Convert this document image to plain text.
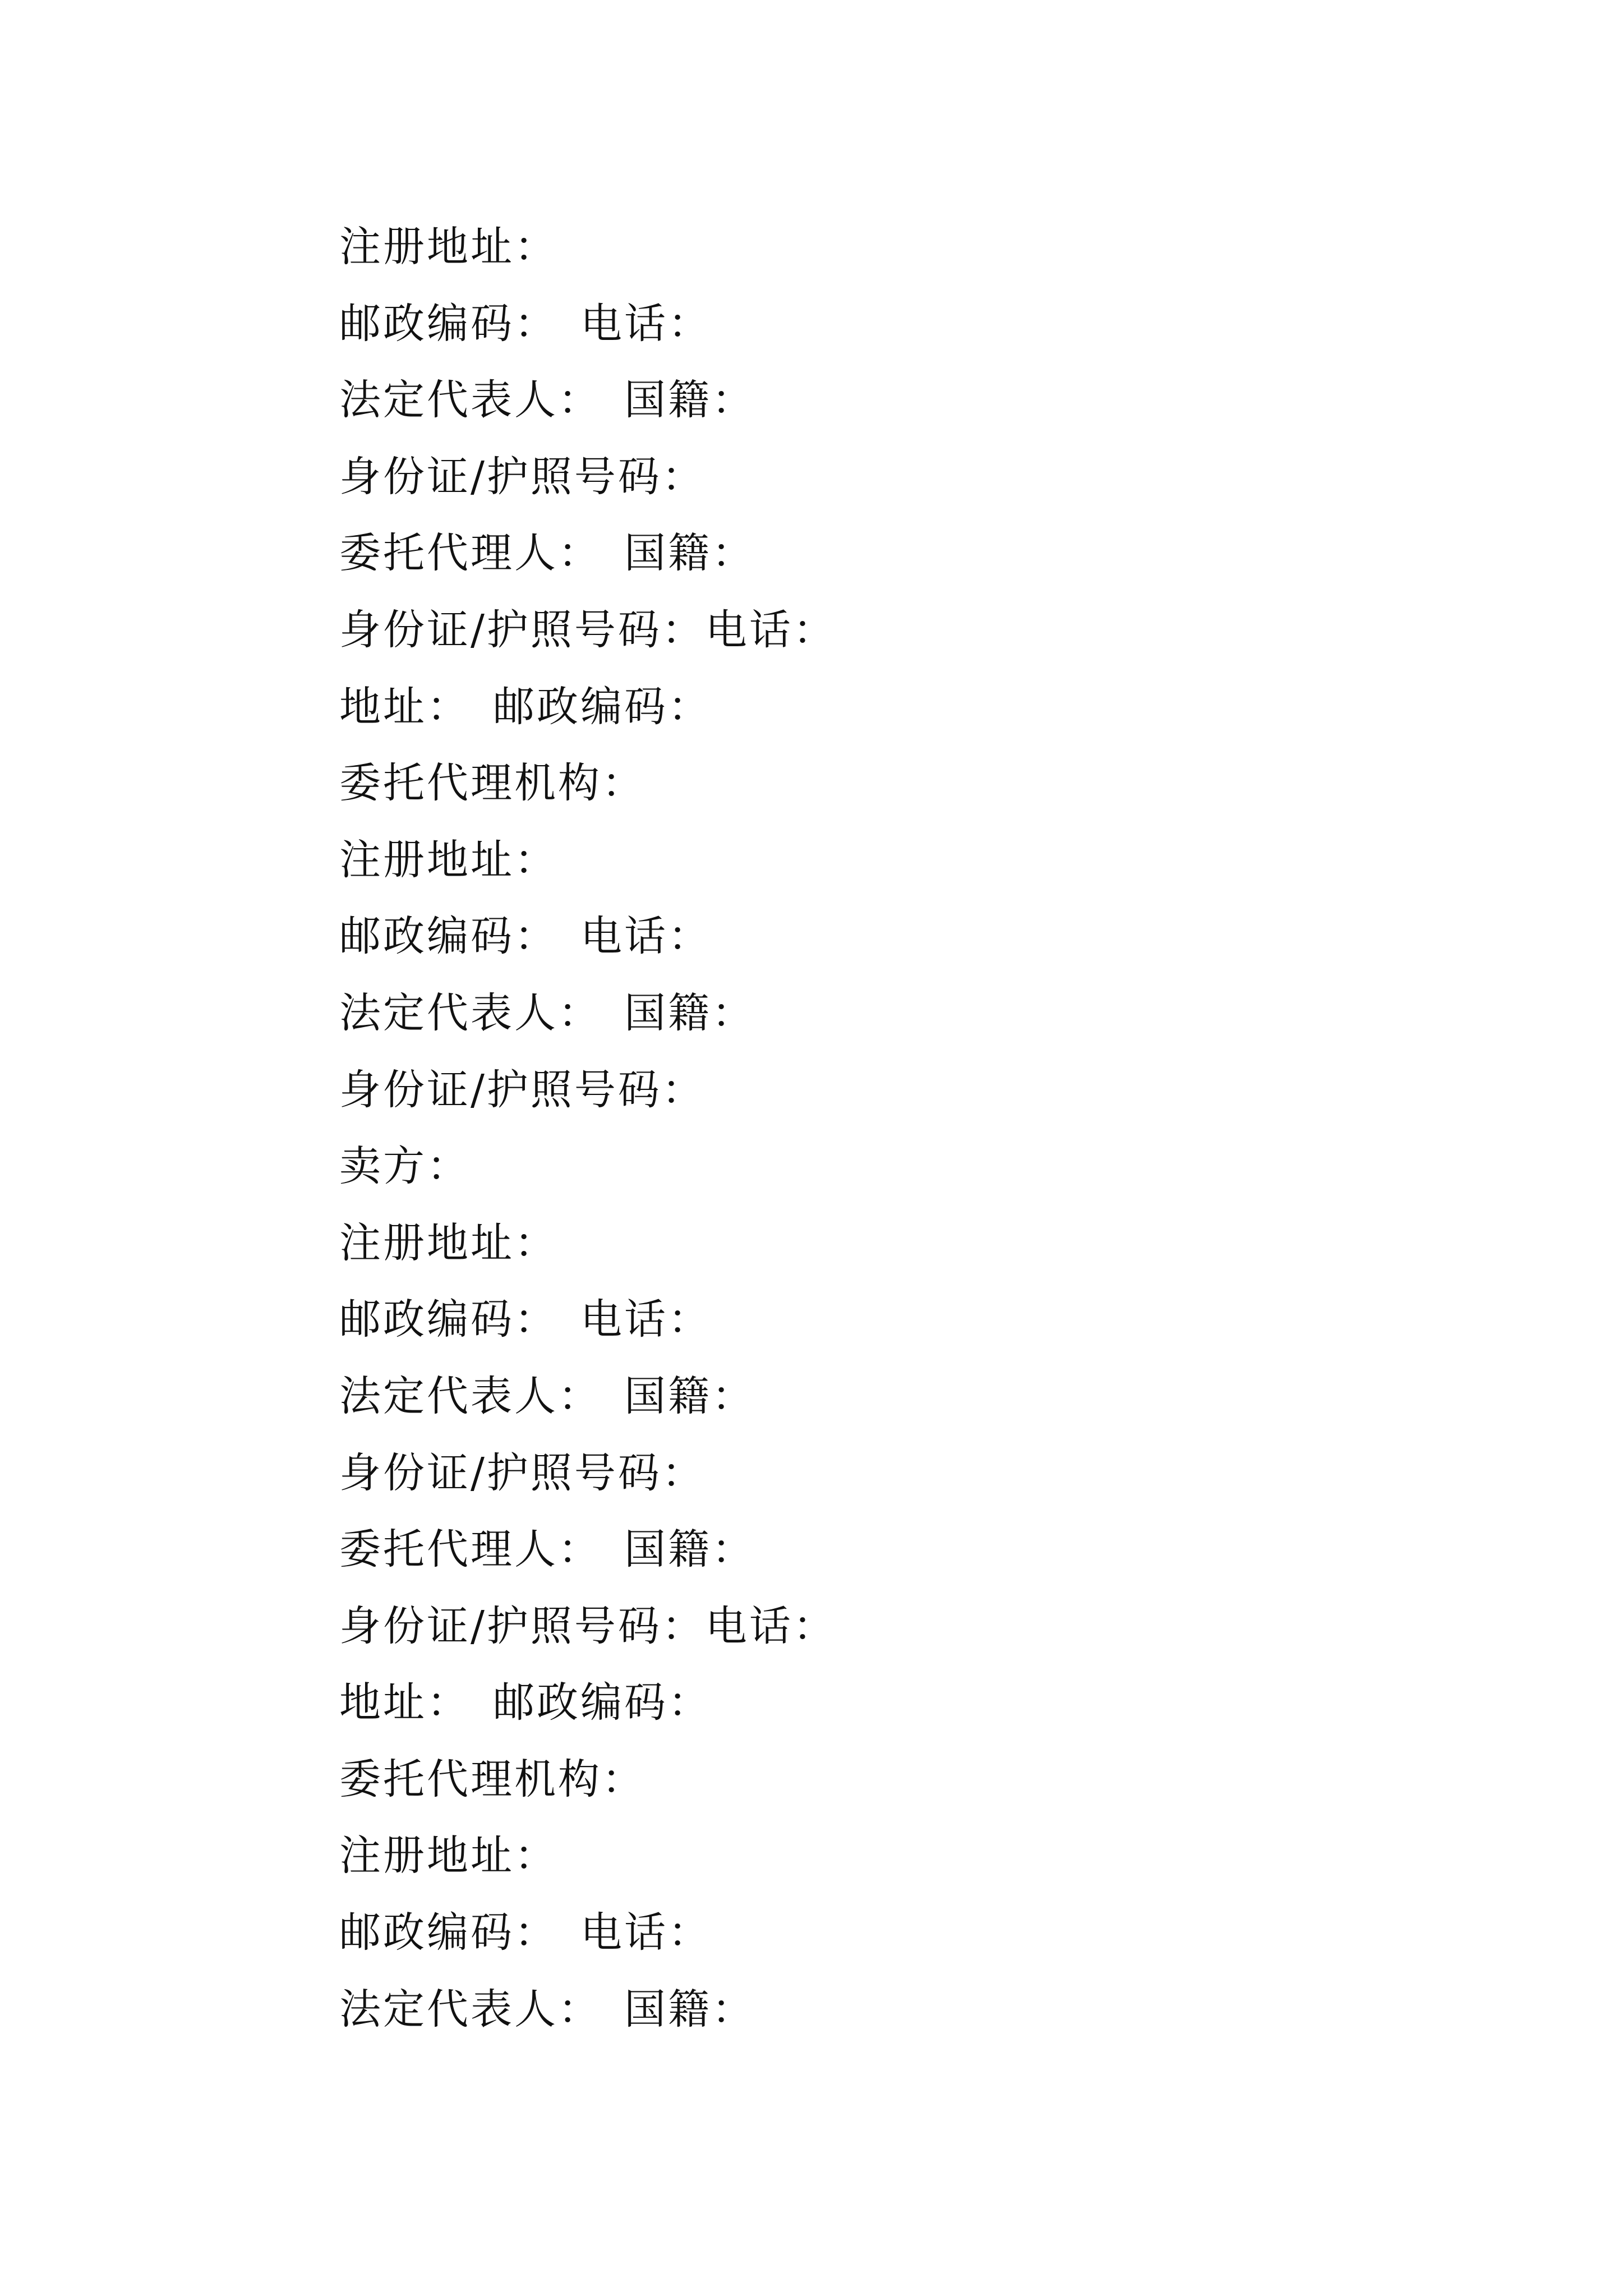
注册地址：
邮政编码： 电话：
法定代表人： 国籍：
身份证/护照号码：
委托代理人： 国籍：
身份证/护照号码：电话：
地址： 邮政编码：
委托代理机构：
注册地址：
邮政编码： 电话：
法定代表人： 国籍：
身份证/护照号码：
卖方：
注册地址：
邮政编码： 电话：
法定代表人： 国籍：
身份证/护照号码：
委托代理人： 国籍：
身份证/护照号码：电话：
地址： 邮政编码：
委托代理机构：
注册地址：
邮政编码： 电话：
法定代表人： 国籍：
